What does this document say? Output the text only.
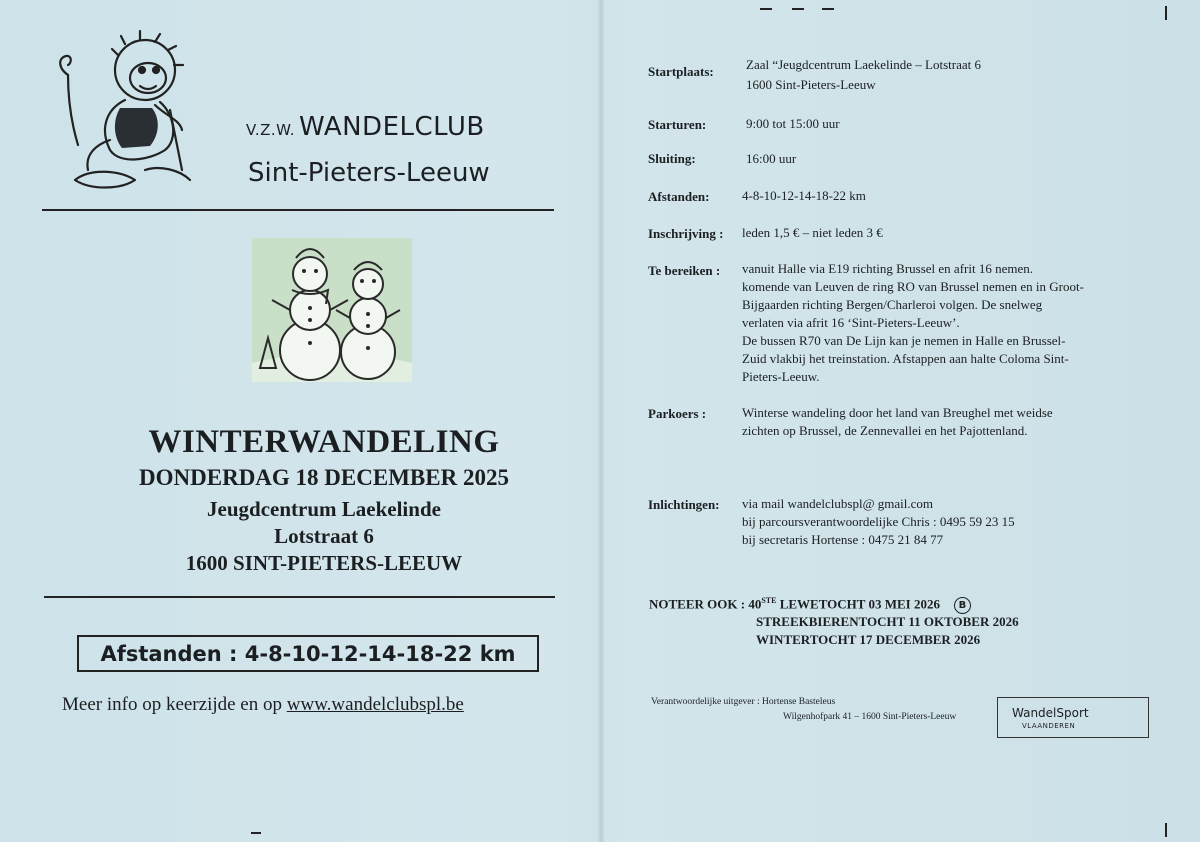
V.Z.W. WANDELCLUB
Sint-Pieters-Leeuw
WINTERWANDELING
DONDERDAG 18 DECEMBER 2025
Jeugdcentrum Laekelinde
Lotstraat 6
1600 SINT-PIETERS-LEEUW
Afstanden : 4-8-10-12-14-18-22 km
Meer info op keerzijde en op www.wandelclubspl.be
Startplaats: Zaal “Jeugdcentrum Laekelinde – Lotstraat 6
1600 Sint-Pieters-Leeuw
Starturen:	9:00 tot 15:00 uur
Sluiting:	16:00 uur
Afstanden:	4-8-10-12-14-18-22 km
Inschrijving : leden 1,5 € – niet leden 3 €
Te bereiken : vanuit Halle via E19 richting Brussel en afrit 16 nemen.
komende van Leuven de ring RO van Brussel nemen en in Groot-
Bijgaarden richting Bergen/Charleroi volgen. De snelweg
verlaten via afrit 16 ‘Sint-Pieters-Leeuw’.
De bussen R70 van De Lijn kan je nemen in Halle en Brussel-
Zuid vlakbij het treinstation. Afstappen aan halte Coloma Sint-
Pieters-Leeuw.
Parkoers :	Winterse wandeling door het land van Breughel met weidse
zichten op Brussel, de Zennevallei en het Pajottenland.
Inlichtingen: via mail wandelclubspl@ gmail.com
bij parcoursverantwoordelijke Chris : 0495 59 23 15
bij secretaris Hortense : 0475 21 84 77
NOTEER OOK : 40STE LEWETOCHT 03 MEI 2026 B
STREEKBIERENTOCHT 11 OKTOBER 2026
WINTERTOCHT 17 DECEMBER 2026
Verantwoordelijke uitgever : Hortense Basteleus
Wilgenhofpark 41 – 1600 Sint-Pieters-Leeuw	WandelSport
VLAANDEREN
